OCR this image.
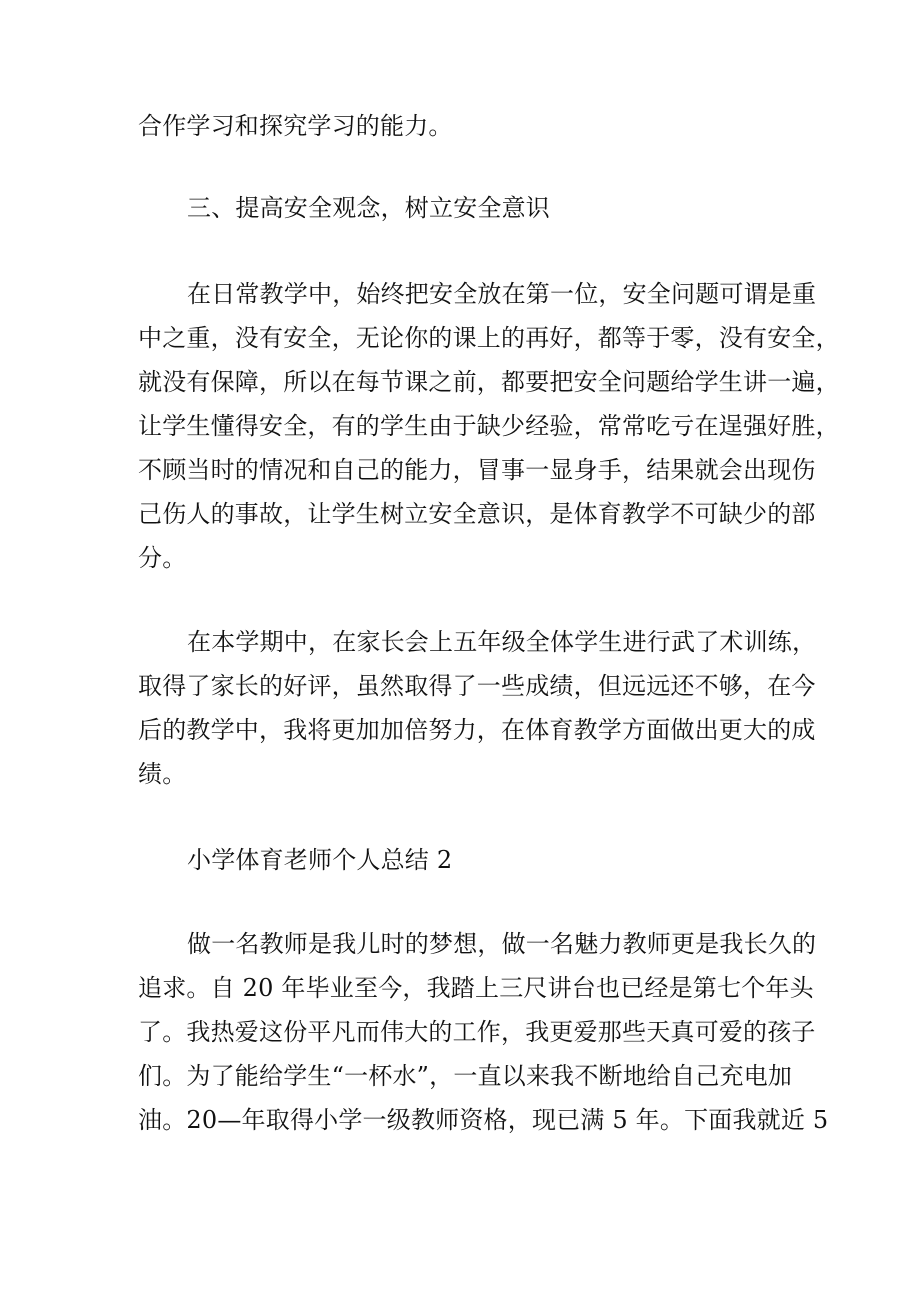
合作学习和探究学习的能力。
三、提高安全观念，树立安全意识
在日常教学中，始终把安全放在第一位，安全问题可谓是重
中之重，没有安全，无论你的课上的再好，都等于零，没有安全，
就没有保障，所以在每节课之前，都要把安全问题给学生讲一遍，
让学生懂得安全，有的学生由于缺少经验，常常吃亏在逞强好胜，
不顾当时的情况和自己的能力，冒事一显身手，结果就会出现伤
己伤人的事故，让学生树立安全意识，是体育教学不可缺少的部
分。
在本学期中，在家长会上五年级全体学生进行武了术训练，
取得了家长的好评，虽然取得了一些成绩，但远远还不够，在今
后的教学中，我将更加加倍努力，在体育教学方面做出更大的成
绩。
小学体育老师个人总结 2
做一名教师是我儿时的梦想，做一名魅力教师更是我长久的
追求。自 20 年毕业至今，我踏上三尺讲台也已经是第七个年头
了。我热爱这份平凡而伟大的工作，我更爱那些天真可爱的孩子
们。为了能给学生“一杯水”，一直以来我不断地给自己充电加
油。20—年取得小学一级教师资格，现已满 5 年。下面我就近 5
